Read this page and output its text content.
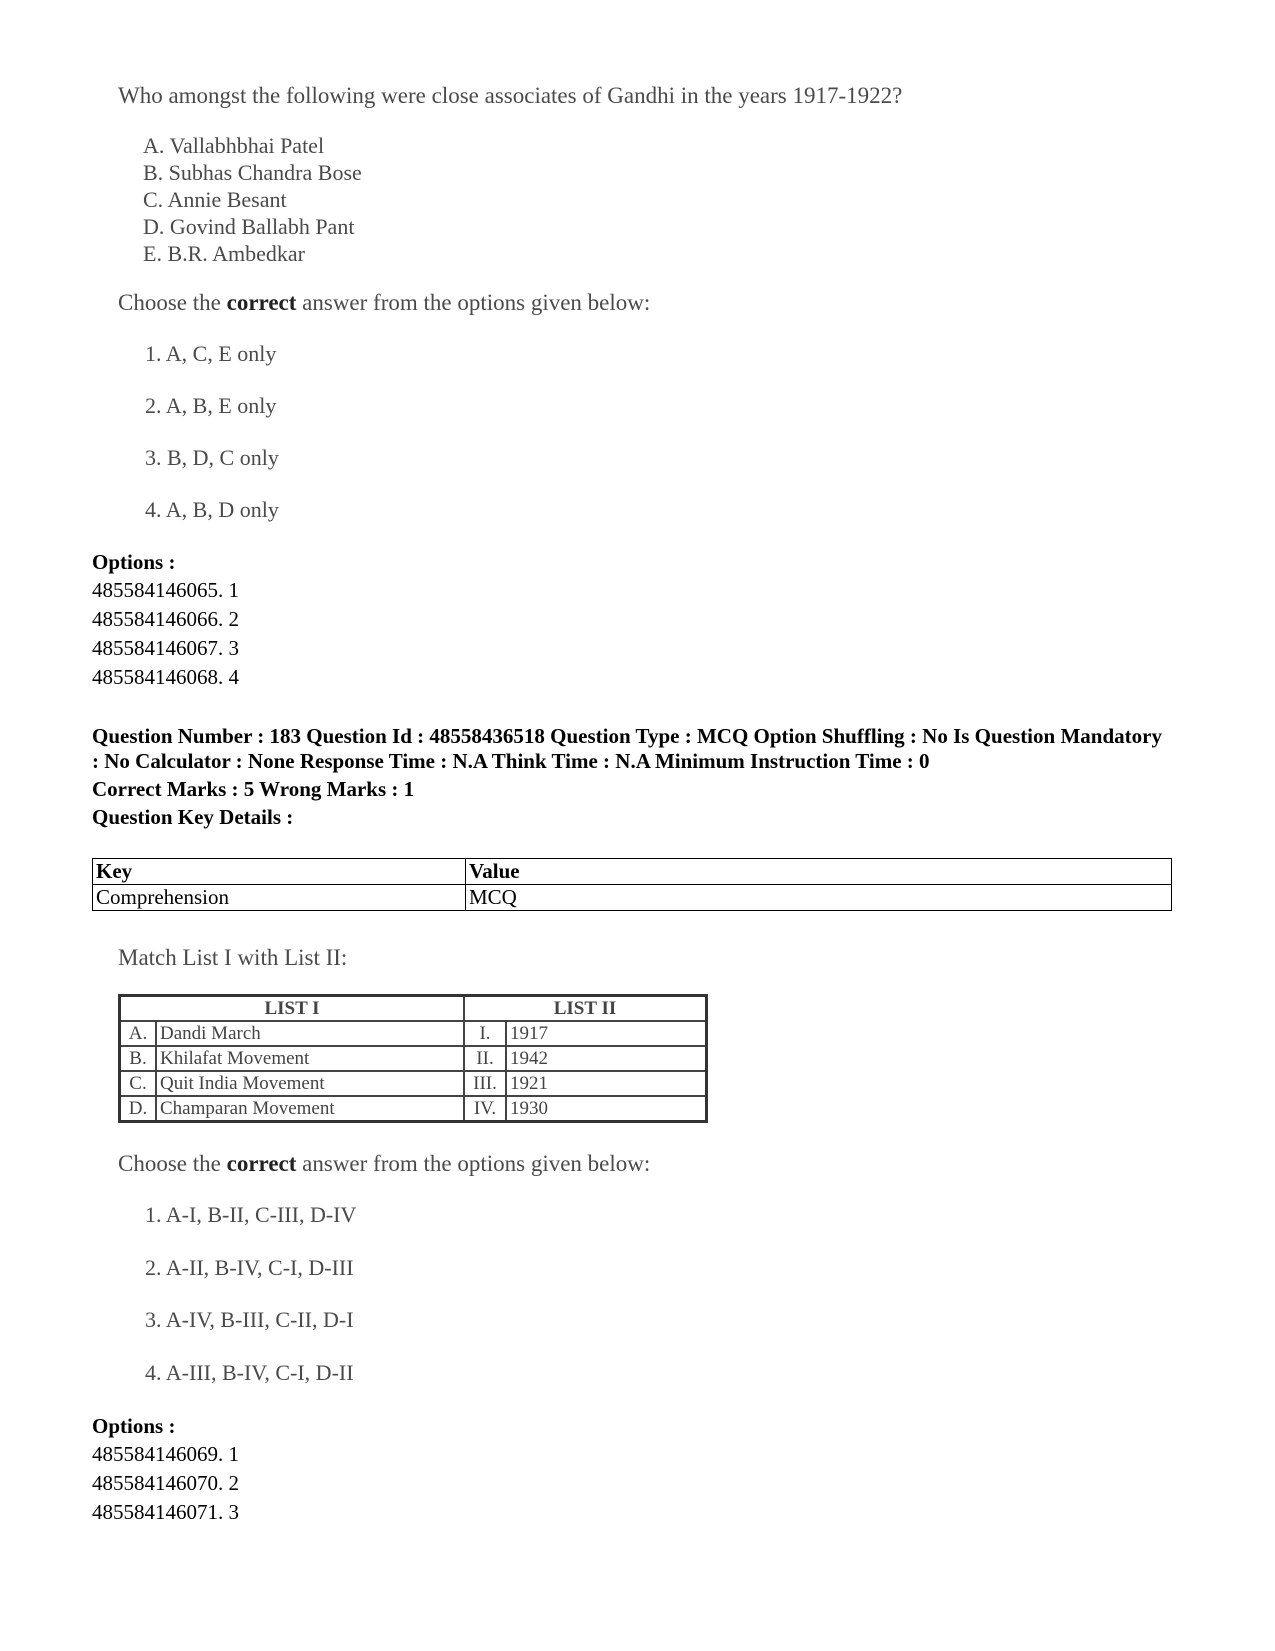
Who amongst the following were close associates of Gandhi in the years 1917-1922?
A. Vallabhbhai Patel
B. Subhas Chandra Bose
C. Annie Besant
D. Govind Ballabh Pant
E. B.R. Ambedkar
Choose the correct answer from the options given below:
1. A, C, E only
2. A, B, E only
3. B, D, C only
4. A, B, D only
Options :
485584146065. 1
485584146066. 2
485584146067. 3
485584146068. 4
Question Number : 183 Question Id : 48558436518 Question Type : MCQ Option Shuffling : No Is Question Mandatory
: No Calculator : None Response Time : N.A Think Time : N.A Minimum Instruction Time : 0
Correct Marks : 5 Wrong Marks : 1
Question Key Details :
Key	Value
Comprehension	MCQ
Match List I with List II:
LIST I		LIST II	
A.	Dandi March	I.	1917
B.	Khilafat Movement	II.	1942
C.	Quit India Movement	III.	1921
D.	Champaran Movement	IV.	1930
Choose the correct answer from the options given below:
1. A-I, B-II, C-III, D-IV
2. A-II, B-IV, C-I, D-III
3. A-IV, B-III, C-II, D-I
4. A-III, B-IV, C-I, D-II
Options :
485584146069. 1
485584146070. 2
485584146071. 3
